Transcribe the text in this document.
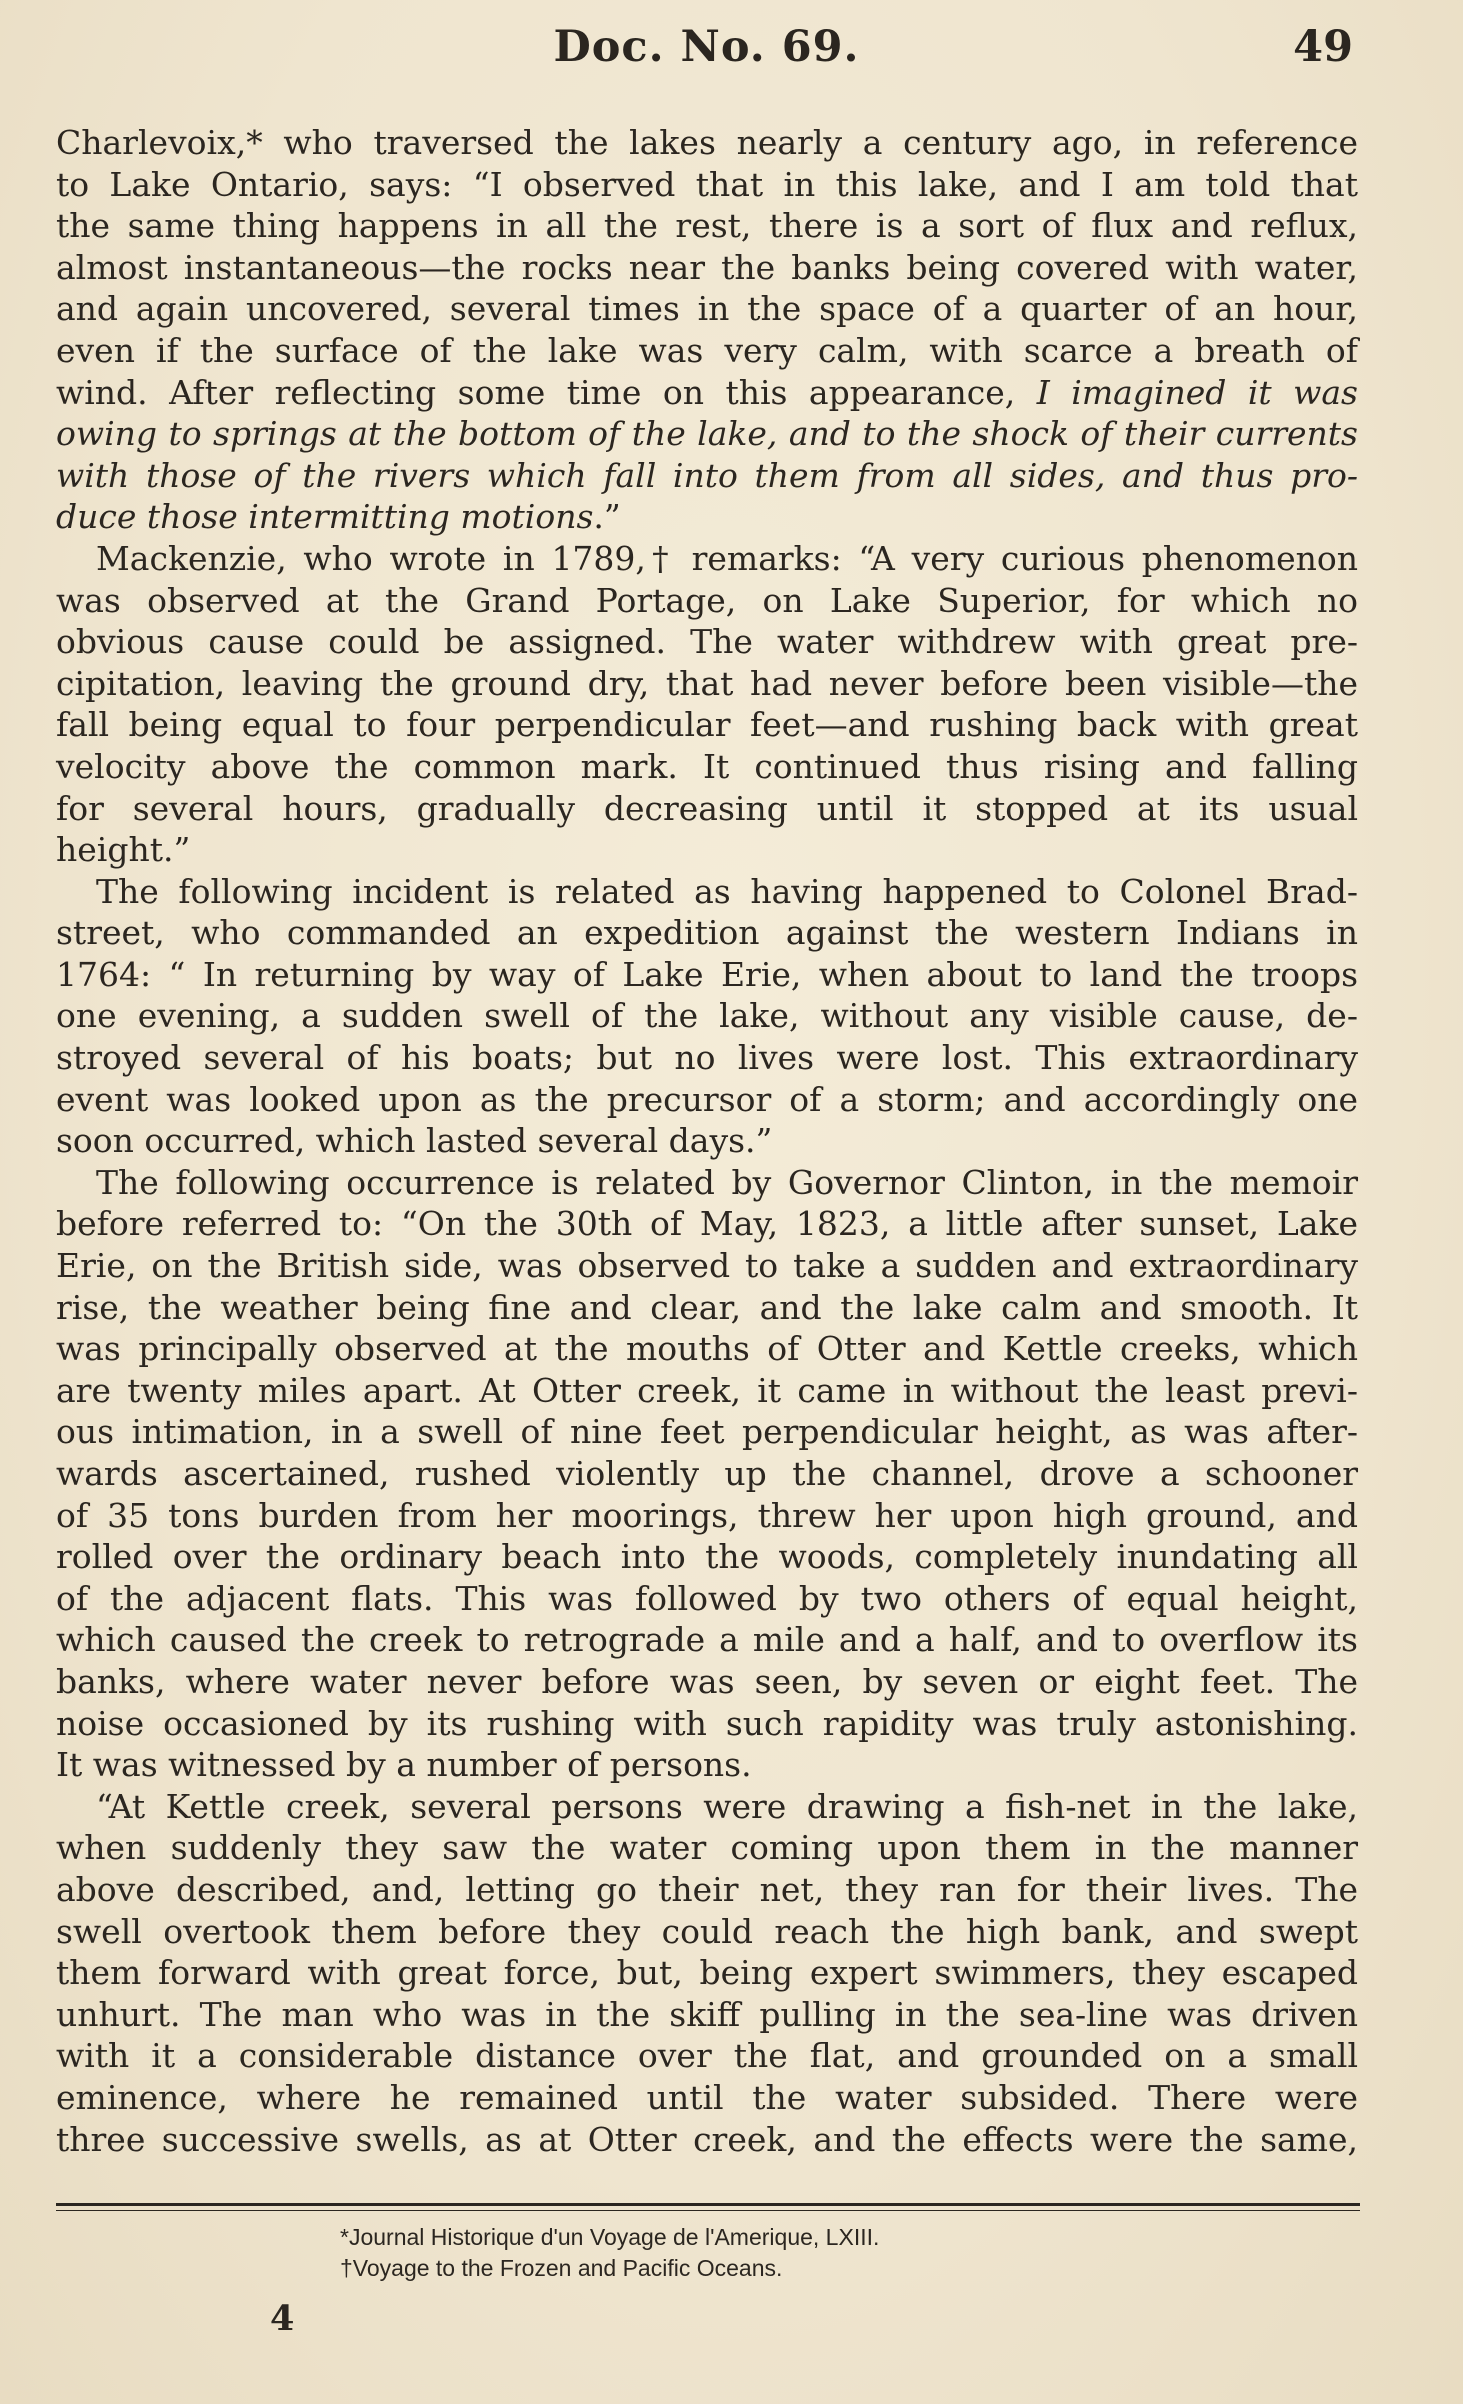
Doc. No. 69.	49
Charlevoix,* who traversed the lakes nearly a century ago, in reference
to Lake Ontario, says: “I observed that in this lake, and I am told that
the same thing happens in all the rest, there is a sort of flux and reflux,
almost instantaneous—the rocks near the banks being covered with water,
and again uncovered, several times in the space of a quarter of an hour,
even if the surface of the lake was very calm, with scarce a breath of
wind. After reflecting some time on this appearance, I imagined it was
owing to springs at the bottom of the lake, and to the shock of their currents
with those of the rivers which fall into them from all sides, and thus pro-
duce those intermitting motions.”
Mackenzie, who wrote in 1789,† remarks: “A very curious phenomenon
was observed at the Grand Portage, on Lake Superior, for which no
obvious cause could be assigned. The water withdrew with great pre-
cipitation, leaving the ground dry, that had never before been visible—the
fall being equal to four perpendicular feet—and rushing back with great
velocity above the common mark. It continued thus rising and falling
for several hours, gradually decreasing until it stopped at its usual
height.”
The following incident is related as having happened to Colonel Brad-
street, who commanded an expedition against the western Indians in
1764: “ In returning by way of Lake Erie, when about to land the troops
one evening, a sudden swell of the lake, without any visible cause, de-
stroyed several of his boats; but no lives were lost. This extraordinary
event was looked upon as the precursor of a storm; and accordingly one
soon occurred, which lasted several days.”
The following occurrence is related by Governor Clinton, in the memoir
before referred to: “On the 30th of May, 1823, a little after sunset, Lake
Erie, on the British side, was observed to take a sudden and extraordinary
rise, the weather being fine and clear, and the lake calm and smooth. It
was principally observed at the mouths of Otter and Kettle creeks, which
are twenty miles apart. At Otter creek, it came in without the least previ-
ous intimation, in a swell of nine feet perpendicular height, as was after-
wards ascertained, rushed violently up the channel, drove a schooner
of 35 tons burden from her moorings, threw her upon high ground, and
rolled over the ordinary beach into the woods, completely inundating all
of the adjacent flats. This was followed by two others of equal height,
which caused the creek to retrograde a mile and a half, and to overflow its
banks, where water never before was seen, by seven or eight feet. The
noise occasioned by its rushing with such rapidity was truly astonishing.
It was witnessed by a number of persons.
“At Kettle creek, several persons were drawing a fish-net in the lake,
when suddenly they saw the water coming upon them in the manner
above described, and, letting go their net, they ran for their lives. The
swell overtook them before they could reach the high bank, and swept
them forward with great force, but, being expert swimmers, they escaped
unhurt. The man who was in the skiff pulling in the sea-line was driven
with it a considerable distance over the flat, and grounded on a small
eminence, where he remained until the water subsided. There were
three successive swells, as at Otter creek, and the effects were the same,
*Journal Historique d'un Voyage de l'Amerique, LXIII.
†Voyage to the Frozen and Pacific Oceans.
4
